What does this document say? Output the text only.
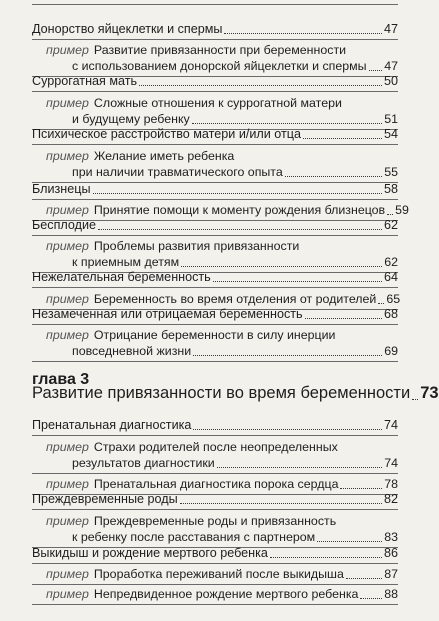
Донорство яйцеклетки и спермы	47
пример Развитие привязанности при беременности
с использованием донорской яйцеклетки и спермы 47
Суррогатная мать	50
пример Сложные отношения к суррогатной матери
и будущему ребенку	51
Психическое расстройство матери и/или отца	54
пример Желание иметь ребенка
при наличии травматического опыта	55
Близнецы	58
пример Принятие помощи к моменту рождения близнецов 59
Бесплодие	62
пример Проблемы развития привязанности
к приемным детям	62
Нежелательная беременность	64
пример Беременность во время отделения от родителей 65
Незамеченная или отрицаемая беременность	68
пример Отрицание беременности в силу инерции
повседневной жизни	69
глава 3
Развитие привязанности во время беременности 73
Пренатальная диагностика	74
пример Страхи родителей после неопределенных
результатов диагностики	74
пример Пренатальная диагностика порока сердца	78
Преждевременные роды	82
пример Преждевременные роды и привязанность
к ребенку после расставания с партнером	83
Выкидыш и рождение мертвого ребенка	86
пример Проработка переживаний после выкидыша	87
пример Непредвиденное рождение мертвого ребенка 88
